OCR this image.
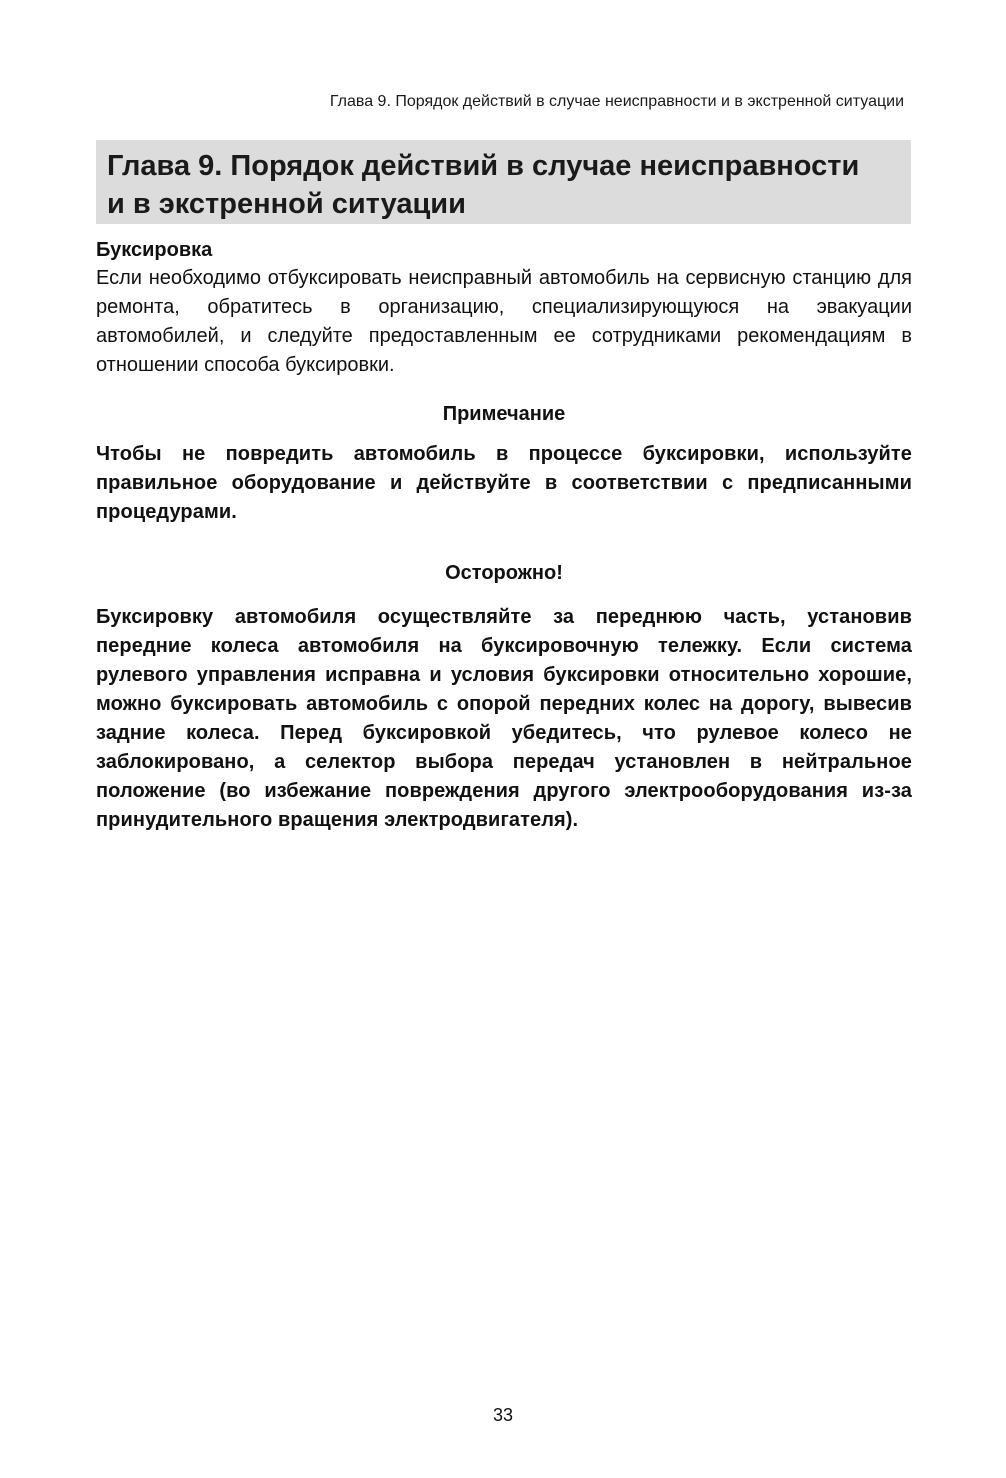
Глава 9. Порядок действий в случае неисправности и в экстренной ситуации
Глава 9. Порядок действий в случае неисправности
и в экстренной ситуации

Буксировка

Если необходимо отбуксировать неисправный автомобиль на сервисную станцию для ремонта, обратитесь в организацию, специализирующуюся на эвакуации автомобилей, и следуйте предоставленным ее сотрудниками рекомендациям в отношении способа буксировки.

Примечание

Чтобы не повредить автомобиль в процессе буксировки, используйте правильное оборудование и действуйте в соответствии с предписанными процедурами.

Осторожно!

Буксировку автомобиля осуществляйте за переднюю часть, установив передние колеса автомобиля на буксировочную тележку. Если система рулевого управления исправна и условия буксировки относительно хорошие, можно буксировать автомобиль с опорой передних колес на дорогу, вывесив задние колеса. Перед буксировкой убедитесь, что рулевое колесо не заблокировано, а селектор выбора передач установлен в нейтральное положение (во избежание повреждения другого электрооборудования из-за принудительного вращения электродвигателя).

33
